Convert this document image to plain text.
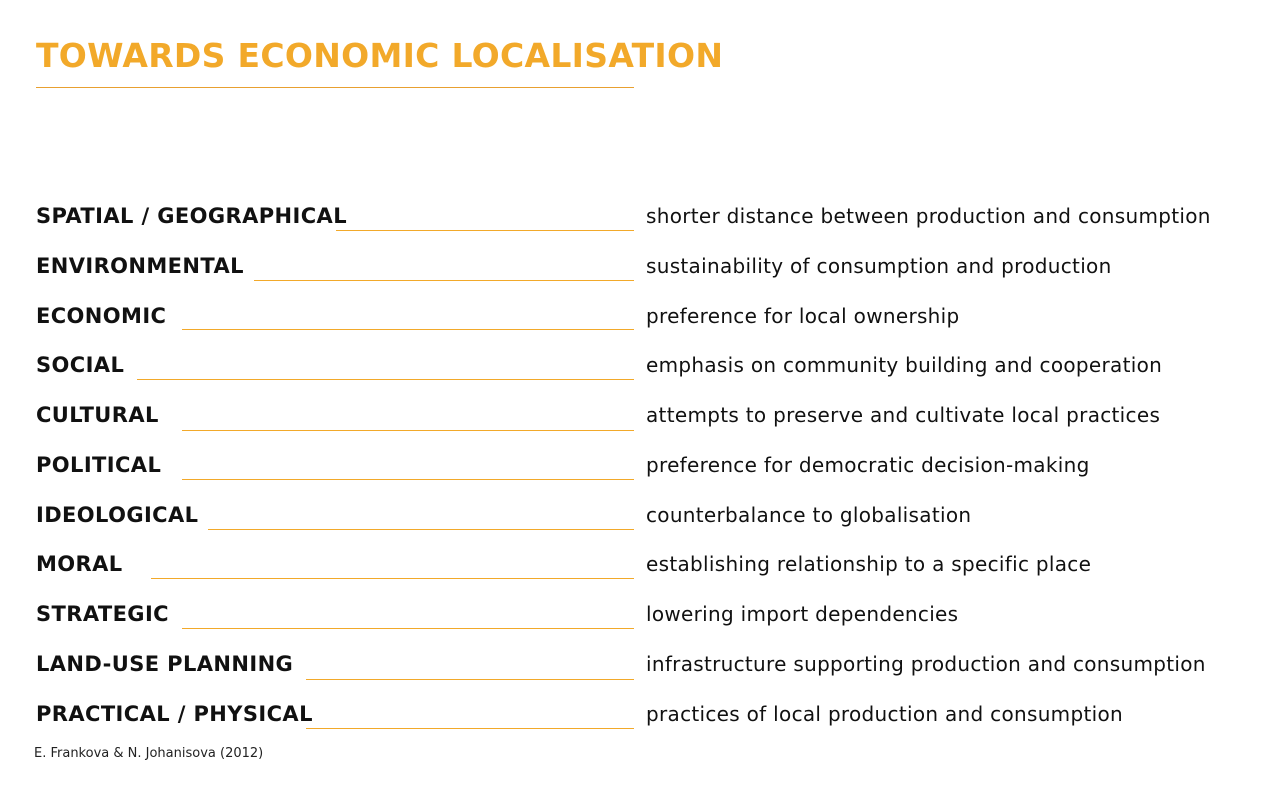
TOWARDS ECONOMIC LOCALISATION
SPATIAL / GEOGRAPHICAL	shorter distance between production and consumption
ENVIRONMENTAL	sustainability of consumption and production
ECONOMIC	preference for local ownership
SOCIAL	emphasis on community building and cooperation
CULTURAL	attempts to preserve and cultivate local practices
POLITICAL	preference for democratic decision-making
IDEOLOGICAL	counterbalance to globalisation
MORAL	establishing relationship to a specific place
STRATEGIC	lowering import dependencies
LAND-USE PLANNING	infrastructure supporting production and consumption
PRACTICAL / PHYSICAL	practices of local production and consumption
E. Frankova & N. Johanisova (2012)
